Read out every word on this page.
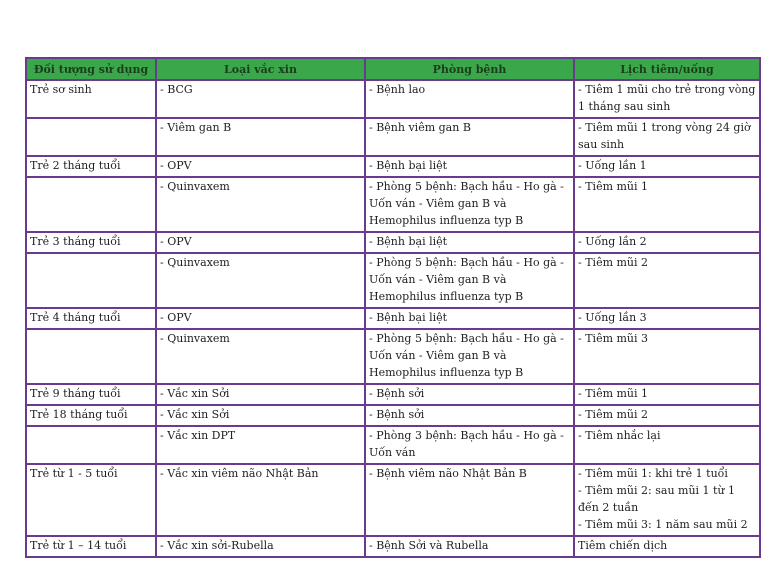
Đối tượng sử dụng	Loại vắc xin	Phòng bệnh	Lịch tiêm/uống
Trẻ sơ sinh	- BCG	- Bệnh lao	- Tiêm 1 mũi cho trẻ trong vòng 1 tháng sau sinh

	- Viêm gan B	- Bệnh viêm gan B	- Tiêm mũi 1 trong vòng 24 giờ sau sinh

Trẻ 2 tháng tuổi	- OPV	- Bệnh bại liệt	- Uống lần 1

	- Quinvaxem	- Phòng 5 bệnh: Bạch hầu - Ho gà - Uốn ván - Viêm gan B và Hemophilus influenza typ B	- Tiêm mũi 1

Trẻ 3 tháng tuổi	- OPV	- Bệnh bại liệt	- Uống lần 2

	- Quinvaxem	- Phòng 5 bệnh: Bạch hầu - Ho gà - Uốn ván - Viêm gan B và Hemophilus influenza typ B	- Tiêm mũi 2

Trẻ 4 tháng tuổi	- OPV	- Bệnh bại liệt	- Uống lần 3

	- Quinvaxem	- Phòng 5 bệnh: Bạch hầu - Ho gà - Uốn ván - Viêm gan B và Hemophilus influenza typ B	- Tiêm mũi 3

Trẻ 9 tháng tuổi	- Vắc xin Sởi	- Bệnh sởi	- Tiêm mũi 1

Trẻ 18 tháng tuổi	- Vắc xin Sởi	- Bệnh sởi	- Tiêm mũi 2

	- Vắc xin DPT	- Phòng 3 bệnh: Bạch hầu - Ho gà - Uốn ván	- Tiêm nhắc lại

Trẻ từ 1 - 5 tuổi	- Vắc xin viêm não Nhật Bản	- Bệnh viêm não Nhật Bản B	- Tiêm mũi 1: khi trẻ 1 tuổi
- Tiêm mũi 2: sau mũi 1 từ 1 đến 2 tuần
- Tiêm mũi 3: 1 năm sau mũi 2

Trẻ từ 1 – 14 tuổi	- Vắc xin sởi-Rubella	- Bệnh Sởi và Rubella	Tiêm chiến dịch
